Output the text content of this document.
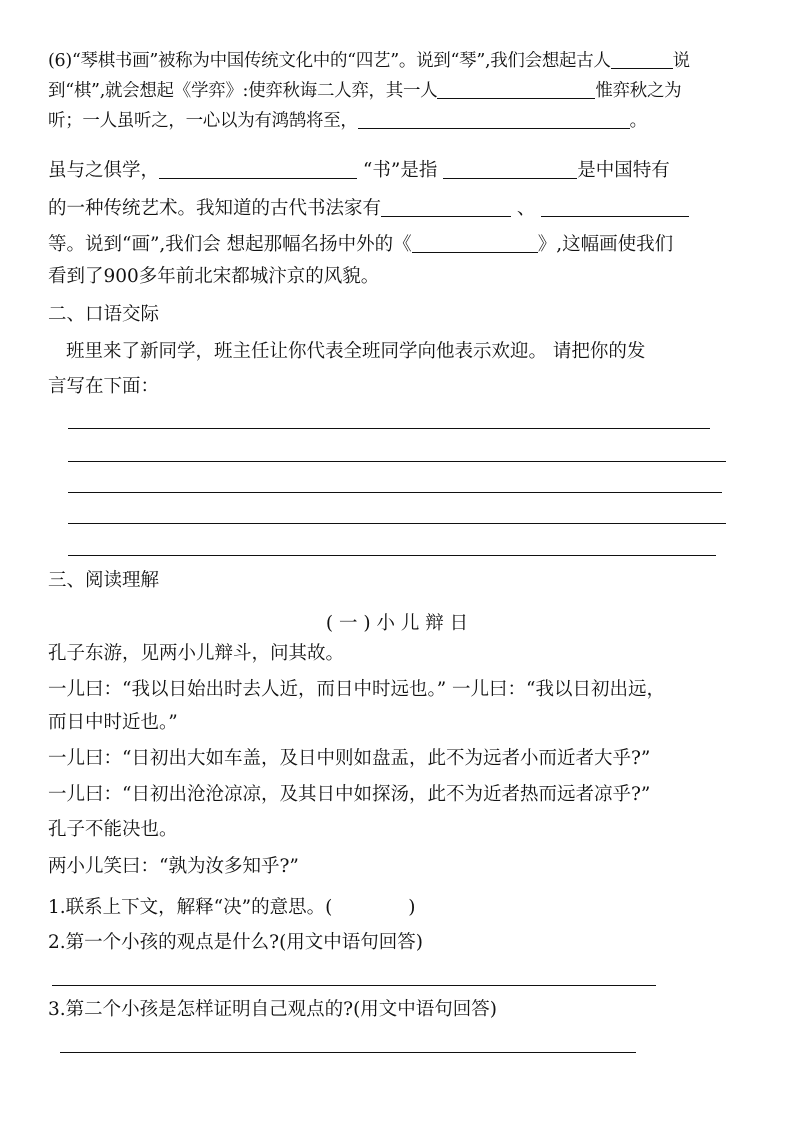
(6)“琴棋书画”被称为中国传统文化中的“四艺”。说到“琴”,我们会想起古人	说
到“棋”,就会想起《学弈》:使弈秋诲二人弈，其一人	惟弈秋之为
听；一人虽听之，一心以为有鸿鹄将至，	。
虽与之俱学，	“书”是指	是中国特有
的一种传统艺术。我知道的古代书法家有	、
等。说到“画”,我们会 想起那幅名扬中外的《	》,这幅画使我们
看到了900多年前北宋都城汴京的风貌。
二、口语交际
班里来了新同学，班主任让你代表全班同学向他表示欢迎。 请把你的发
言写在下面：
三、阅读理解
( 一 ) 小 儿 辩 日
孔子东游，见两小儿辩斗，问其故。
一儿曰：“我以日始出时去人近，而日中时远也。” 一儿曰：“我以日初出远，
而日中时近也。”
一儿曰：“日初出大如车盖，及日中则如盘盂，此不为远者小而近者大乎?”
一儿曰：“日初出沧沧凉凉，及其日中如探汤，此不为近者热而远者凉乎?”
孔子不能决也。
两小儿笑曰：“孰为汝多知乎?”
1.联系上下文，解释“决”的意思。(	)
2.第一个小孩的观点是什么?(用文中语句回答)
3.第二个小孩是怎样证明自己观点的?(用文中语句回答)
